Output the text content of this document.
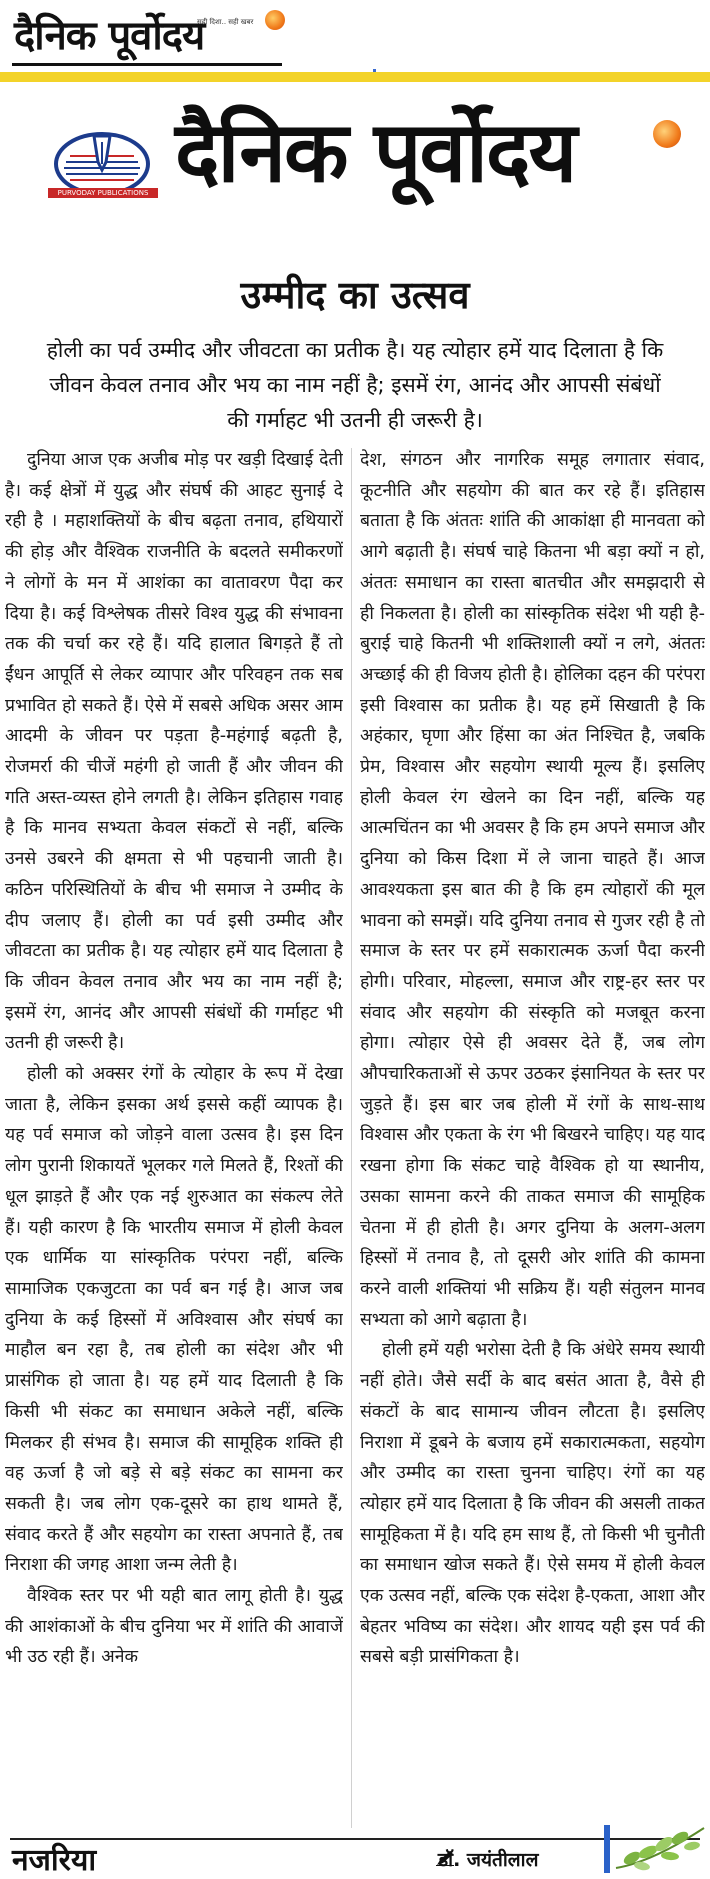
दैनिक पूर्वोदय
सही दिशा.. सही खबर
PURVODAY PUBLICATIONS दैनिक पूर्वोदय
उम्मीद का उत्सव
होली का पर्व उम्मीद और जीवटता का प्रतीक है। यह त्योहार हमें याद दिलाता है कि जीवन केवल तनाव और भय का नाम नहीं है; इसमें रंग, आनंद और आपसी संबंधों की गर्माहट भी उतनी ही जरूरी है।

दुनिया आज एक अजीब मोड़ पर खड़ी दिखाई देती है। कई क्षेत्रों में युद्ध और संघर्ष की आहट सुनाई दे रही है । महाशक्तियों के बीच बढ़ता तनाव, हथियारों की होड़ और वैश्विक राजनीति के बदलते समीकरणों ने लोगों के मन में आशंका का वातावरण पैदा कर दिया है। कई विश्लेषक तीसरे विश्व युद्ध की संभावना तक की चर्चा कर रहे हैं। यदि हालात बिगड़ते हैं तो ईंधन आपूर्ति से लेकर व्यापार और परिवहन तक सब प्रभावित हो सकते हैं। ऐसे में सबसे अधिक असर आम आदमी के जीवन पर पड़ता है-महंगाई बढ़ती है, रोजमर्रा की चीजें महंगी हो जाती हैं और जीवन की गति अस्त-व्यस्त होने लगती है। लेकिन इतिहास गवाह है कि मानव सभ्यता केवल संकटों से नहीं, बल्कि उनसे उबरने की क्षमता से भी पहचानी जाती है। कठिन परिस्थितियों के बीच भी समाज ने उम्मीद के दीप जलाए हैं। होली का पर्व इसी उम्मीद और जीवटता का प्रतीक है। यह त्योहार हमें याद दिलाता है कि जीवन केवल तनाव और भय का नाम नहीं है; इसमें रंग, आनंद और आपसी संबंधों की गर्माहट भी उतनी ही जरूरी है।

होली को अक्सर रंगों के त्योहार के रूप में देखा जाता है, लेकिन इसका अर्थ इससे कहीं व्यापक है। यह पर्व समाज को जोड़ने वाला उत्सव है। इस दिन लोग पुरानी शिकायतें भूलकर गले मिलते हैं, रिश्तों की धूल झाड़ते हैं और एक नई शुरुआत का संकल्प लेते हैं। यही कारण है कि भारतीय समाज में होली केवल एक धार्मिक या सांस्कृतिक परंपरा नहीं, बल्कि सामाजिक एकजुटता का पर्व बन गई है। आज जब दुनिया के कई हिस्सों में अविश्वास और संघर्ष का माहौल बन रहा है, तब होली का संदेश और भी प्रासंगिक हो जाता है। यह हमें याद दिलाती है कि किसी भी संकट का समाधान अकेले नहीं, बल्कि मिलकर ही संभव है। समाज की सामूहिक शक्ति ही वह ऊर्जा है जो बड़े से बड़े संकट का सामना कर सकती है। जब लोग एक-दूसरे का हाथ थामते हैं, संवाद करते हैं और सहयोग का रास्ता अपनाते हैं, तब निराशा की जगह आशा जन्म लेती है।

वैश्विक स्तर पर भी यही बात लागू होती है। युद्ध की आशंकाओं के बीच दुनिया भर में शांति की आवाजें भी उठ रही हैं। अनेक

देश, संगठन और नागरिक समूह लगातार संवाद, कूटनीति और सहयोग की बात कर रहे हैं। इतिहास बताता है कि अंततः शांति की आकांक्षा ही मानवता को आगे बढ़ाती है। संघर्ष चाहे कितना भी बड़ा क्यों न हो, अंततः समाधान का रास्ता बातचीत और समझदारी से ही निकलता है। होली का सांस्कृतिक संदेश भी यही है-बुराई चाहे कितनी भी शक्तिशाली क्यों न लगे, अंततः अच्छाई की ही विजय होती है। होलिका दहन की परंपरा इसी विश्वास का प्रतीक है। यह हमें सिखाती है कि अहंकार, घृणा और हिंसा का अंत निश्चित है, जबकि प्रेम, विश्वास और सहयोग स्थायी मूल्य हैं। इसलिए होली केवल रंग खेलने का दिन नहीं, बल्कि यह आत्मचिंतन का भी अवसर है कि हम अपने समाज और दुनिया को किस दिशा में ले जाना चाहते हैं। आज आवश्यकता इस बात की है कि हम त्योहारों की मूल भावना को समझें। यदि दुनिया तनाव से गुजर रही है तो समाज के स्तर पर हमें सकारात्मक ऊर्जा पैदा करनी होगी। परिवार, मोहल्ला, समाज और राष्ट्र-हर स्तर पर संवाद और सहयोग की संस्कृति को मजबूत करना होगा। त्योहार ऐसे ही अवसर देते हैं, जब लोग औपचारिकताओं से ऊपर उठकर इंसानियत के स्तर पर जुड़ते हैं। इस बार जब होली में रंगों के साथ-साथ विश्वास और एकता के रंग भी बिखरने चाहिए। यह याद रखना होगा कि संकट चाहे वैश्विक हो या स्थानीय, उसका सामना करने की ताकत समाज की सामूहिक चेतना में ही होती है। अगर दुनिया के अलग-अलग हिस्सों में तनाव है, तो दूसरी ओर शांति की कामना करने वाली शक्तियां भी सक्रिय हैं। यही संतुलन मानव सभ्यता को आगे बढ़ाता है।

होली हमें यही भरोसा देती है कि अंधेरे समय स्थायी नहीं होते। जैसे सर्दी के बाद बसंत आता है, वैसे ही संकटों के बाद सामान्य जीवन लौटता है। इसलिए निराशा में डूबने के बजाय हमें सकारात्मकता, सहयोग और उम्मीद का रास्ता चुनना चाहिए। रंगों का यह त्योहार हमें याद दिलाता है कि जीवन की असली ताकत सामूहिकता में है। यदि हम साथ हैं, तो किसी भी चुनौती का समाधान खोज सकते हैं। ऐसे समय में होली केवल एक उत्सव नहीं, बल्कि एक संदेश है-एकता, आशा और बेहतर भविष्य का संदेश। और शायद यही इस पर्व की सबसे बड़ी प्रासंगिकता है।

नजरिया	डॉ. जयंतीलाल
